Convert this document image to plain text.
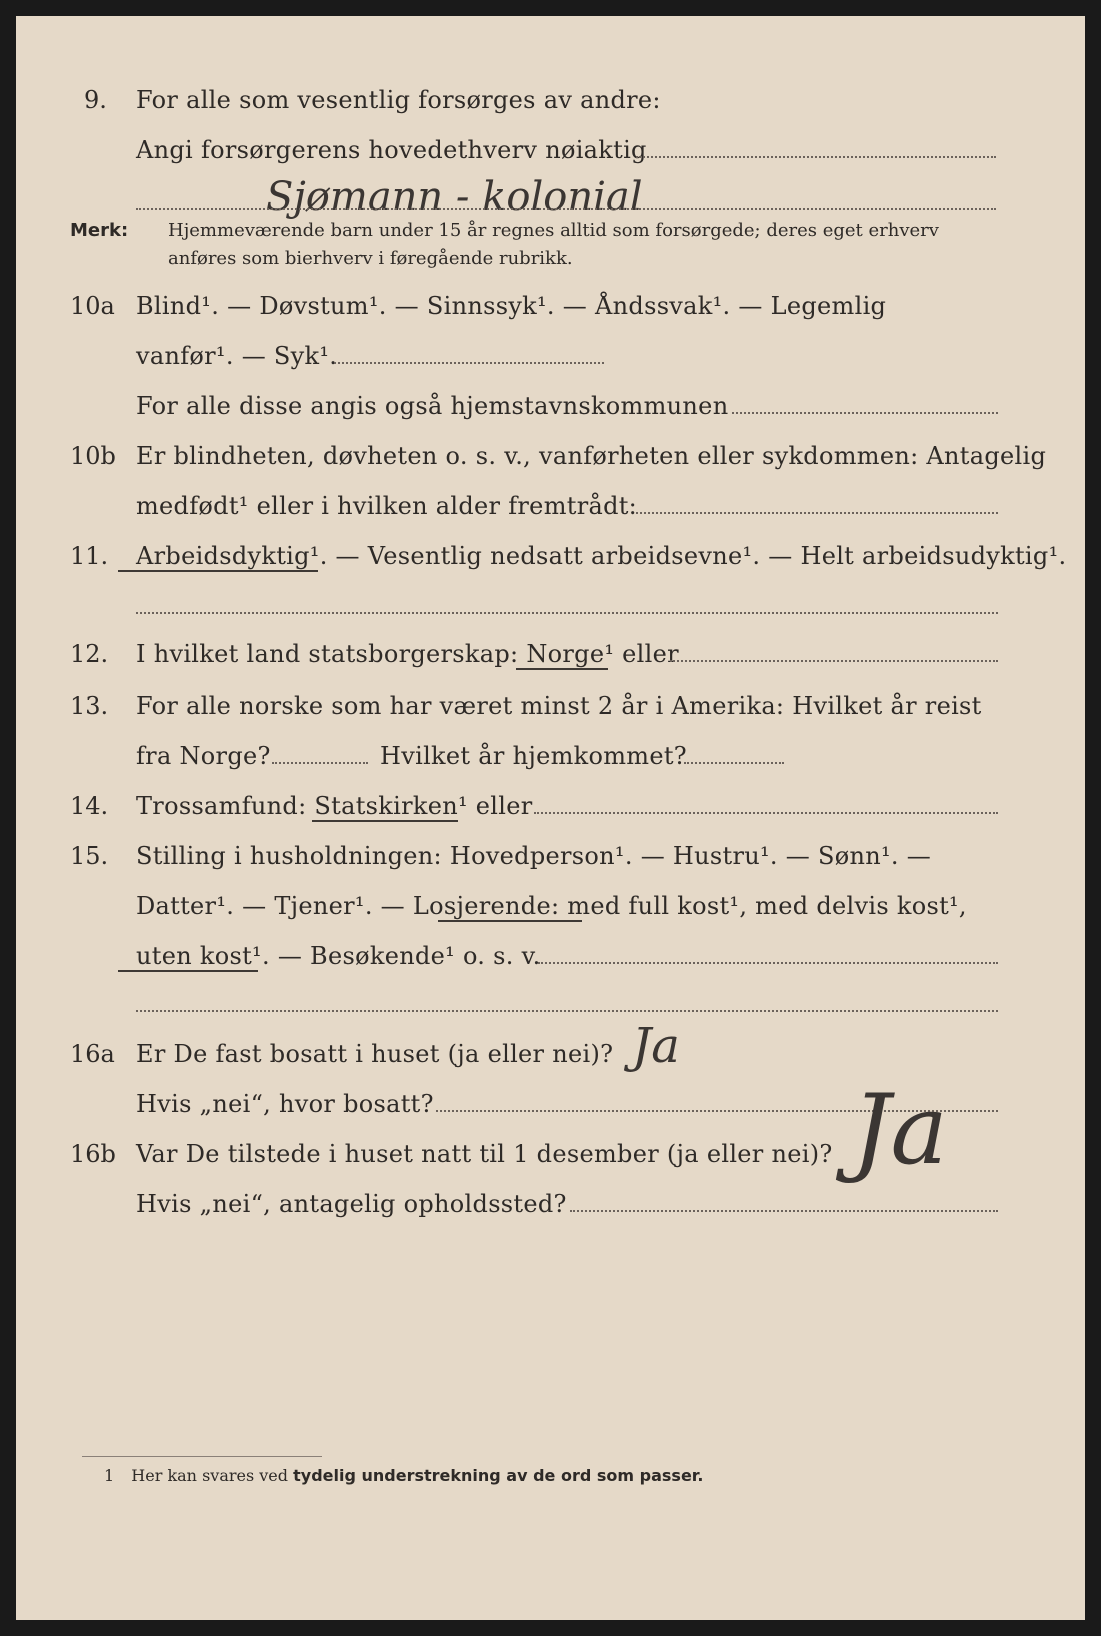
9. For alle som vesentlig forsørges av andre:
Angi forsørgerens hovedethverv nøiaktig
Sjømann - kolonial
Merk: Hjemmeværende barn under 15 år regnes alltid som forsørgede; deres eget erhverv
anføres som bierhverv i føregående rubrikk.
10a Blind¹. — Døvstum¹. — Sinnssyk¹. — Åndssvak¹. — Legemlig
vanfør¹. — Syk¹.
For alle disse angis også hjemstavnskommunen
10b Er blindheten, døvheten o. s. v., vanførheten eller sykdommen: Antagelig
medfødt¹ eller i hvilken alder fremtrådt:
11. Arbeidsdyktig¹. — Vesentlig nedsatt arbeidsevne¹. — Helt arbeidsudyktig¹.
12. I hvilket land statsborgerskap: Norge¹ eller
13. For alle norske som har været minst 2 år i Amerika: Hvilket år reist
fra Norge?	Hvilket år hjemkommet?
14. Trossamfund: Statskirken¹ eller
15. Stilling i husholdningen: Hovedperson¹. — Hustru¹. — Sønn¹. —
Datter¹. — Tjener¹. — Losjerende: med full kost¹, med delvis kost¹,
uten kost¹. — Besøkende¹ o. s. v.
16a Er De fast bosatt i huset (ja eller nei)? Ja
Hvis „nei“, hvor bosatt?
16b Var De tilstede i huset natt til 1 desember (ja eller nei)? Ja
Hvis „nei“, antagelig opholdssted?
1 Her kan svares ved tydelig understrekning av de ord som passer.
